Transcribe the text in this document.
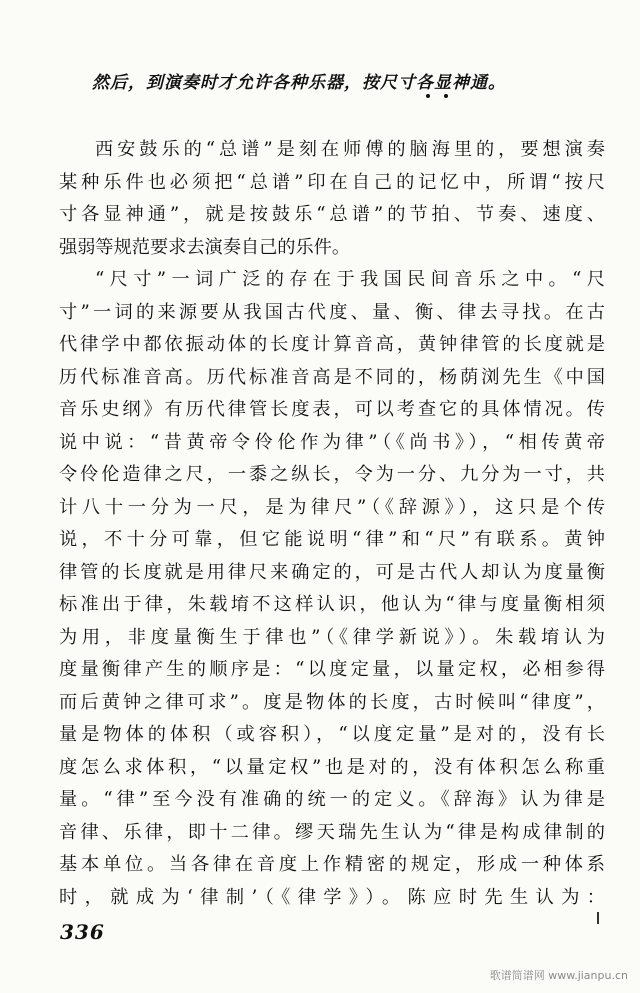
然后，到演奏时才允许各种乐器，按尺寸各显神通。
西安鼓乐的“总谱”是刻在师傅的脑海里的，要想演奏
某种乐件也必须把“总谱”印在自己的记忆中，所谓“按尺
寸各显神通”，就是按鼓乐“总谱”的节拍、节奏、速度、
强弱等规范要求去演奏自己的乐件。
“尺寸”一词广泛的存在于我国民间音乐之中。“尺
寸”一词的来源要从我国古代度、量、衡、律去寻找。在古
代律学中都依振动体的长度计算音高，黄钟律管的长度就是
历代标准音高。历代标准音高是不同的，杨荫浏先生《中国
音乐史纲》有历代律管长度表，可以考查它的具体情况。传
说中说：“昔黄帝令伶伦作为律”（《尚书》），“相传黄帝
令伶伦造律之尺，一黍之纵长，令为一分、九分为一寸，共
计八十一分为一尺，是为律尺”（《辞源》），这只是个传
说，不十分可靠，但它能说明“律”和“尺”有联系。黄钟
律管的长度就是用律尺来确定的，可是古代人却认为度量衡
标准出于律，朱载堉不这样认识，他认为“律与度量衡相须
为用，非度量衡生于律也”（《律学新说》）。朱载堉认为
度量衡律产生的顺序是：“以度定量，以量定权，必相参得
而后黄钟之律可求”。度是物体的长度，古时候叫“律度”，
量是物体的体积（或容积），“以度定量”是对的，没有长
度怎么求体积，“以量定权”也是对的，没有体积怎么称重
量。“律”至今没有准确的统一的定义。《辞海》认为律是
音律、乐律，即十二律。缪天瑞先生认为“律是构成律制的
基本单位。当各律在音度上作精密的规定，形成一种体系
时，就成为‘律制’（《律学》）。陈应时先生认为：
336
歌谱简谱网 www.jianpu.cn
